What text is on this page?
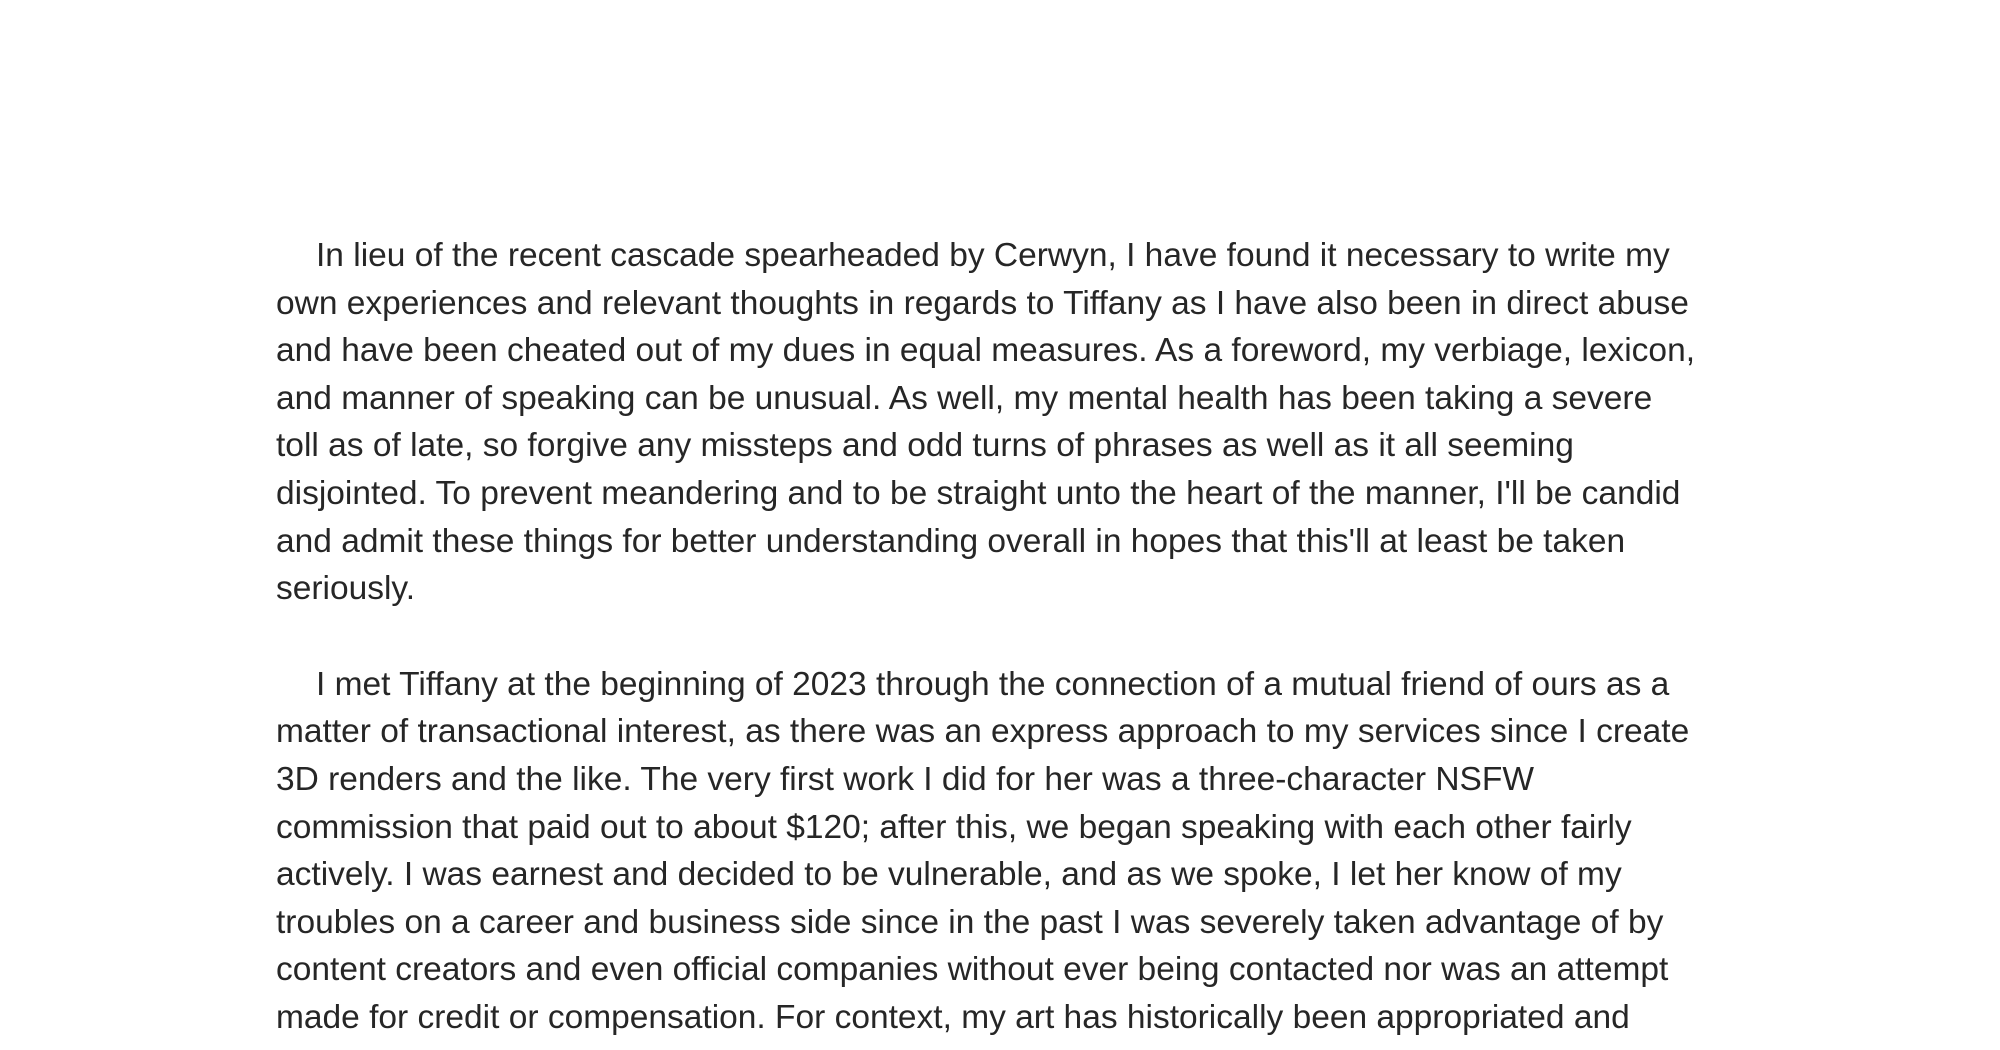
In lieu of the recent cascade spearheaded by Cerwyn, I have found it necessary to write my
own experiences and relevant thoughts in regards to Tiffany as I have also been in direct abuse
and have been cheated out of my dues in equal measures. As a foreword, my verbiage, lexicon,
and manner of speaking can be unusual. As well, my mental health has been taking a severe
toll as of late, so forgive any missteps and odd turns of phrases as well as it all seeming
disjointed. To prevent meandering and to be straight unto the heart of the manner, I'll be candid
and admit these things for better understanding overall in hopes that this'll at least be taken
seriously.

I met Tiffany at the beginning of 2023 through the connection of a mutual friend of ours as a
matter of transactional interest, as there was an express approach to my services since I create
3D renders and the like. The very first work I did for her was a three-character NSFW
commission that paid out to about $120; after this, we began speaking with each other fairly
actively. I was earnest and decided to be vulnerable, and as we spoke, I let her know of my
troubles on a career and business side since in the past I was severely taken advantage of by
content creators and even official companies without ever being contacted nor was an attempt
made for credit or compensation. For context, my art has historically been appropriated and
